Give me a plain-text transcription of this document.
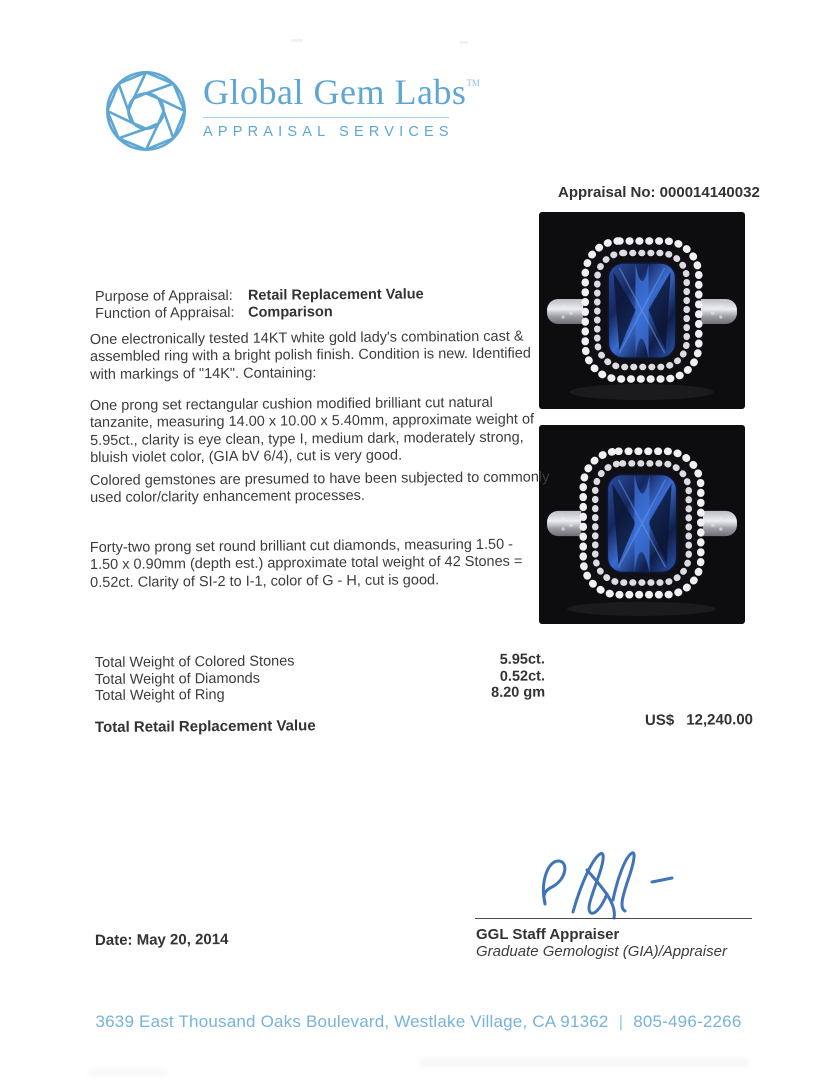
Global Gem Labs™
APPRAISAL SERVICES
Appraisal No: 000014140032
Purpose of Appraisal:	Retail Replacement Value
Function of Appraisal: Comparison
One electronically tested 14KT white gold lady's combination cast & assembled ring with a bright polish finish. Condition is new. Identified with markings of "14K". Containing:
One prong set rectangular cushion modified brilliant cut natural tanzanite, measuring 14.00 x 10.00 x 5.40mm, approximate weight of 5.95ct., clarity is eye clean, type I, medium dark, moderately strong, bluish violet color, (GIA bV 6/4), cut is very good.
Colored gemstones are presumed to have been subjected to commonly used color/clarity enhancement processes.
Forty-two prong set round brilliant cut diamonds, measuring 1.50 - 1.50 x 0.90mm (depth est.) approximate total weight of 42 Stones = 0.52ct. Clarity of SI-2 to I-1, color of G - H, cut is good.
Total Weight of Colored Stones	5.95ct.
Total Weight of Diamonds	0.52ct.
Total Weight of Ring	8.20 gm
Total Retail Replacement Value	US$ 12,240.00
GGL Staff Appraiser
Graduate Gemologist (GIA)/Appraiser
Date: May 20, 2014
3639 East Thousand Oaks Boulevard, Westlake Village, CA 91362 | 805-496-2266
